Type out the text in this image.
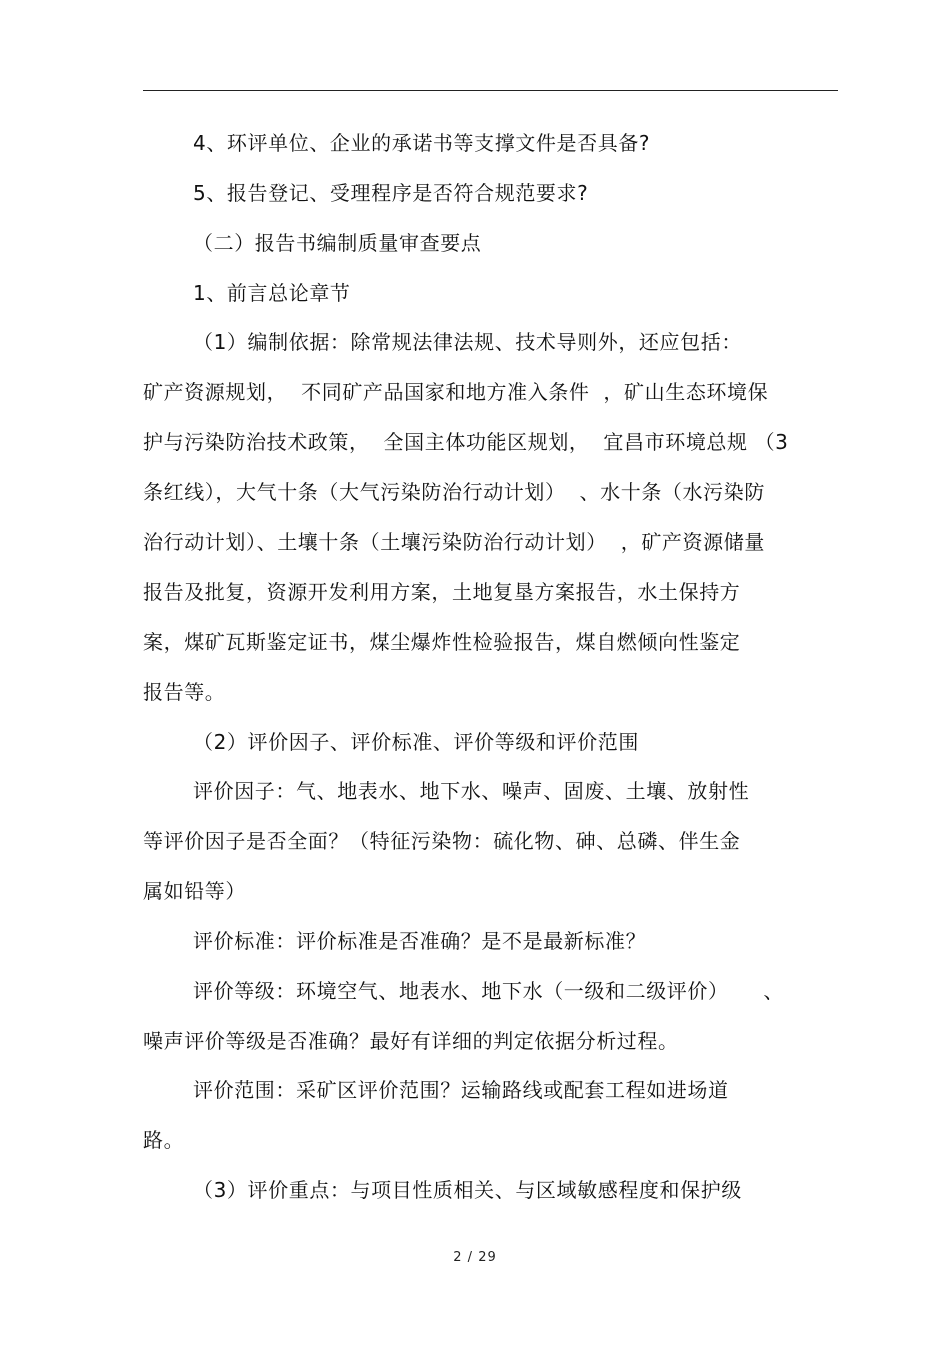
4、环评单位、企业的承诺书等支撑文件是否具备?
5、报告登记、受理程序是否符合规范要求?
（二）报告书编制质量审查要点
1、前言总论章节
（1）编制依据：除常规法律法规、技术导则外，还应包括：
矿产资源规划，  不同矿产品国家和地方准入条件  ，矿山生态环境保
护与污染防治技术政策，  全国主体功能区规划，  宜昌市环境总规 （3
条红线），大气十条（大气污染防治行动计划）  、水十条（水污染防
治行动计划）、土壤十条（土壤污染防治行动计划）  ，矿产资源储量
报告及批复，资源开发利用方案，土地复垦方案报告，水土保持方
案，煤矿瓦斯鉴定证书，煤尘爆炸性检验报告，煤自燃倾向性鉴定
报告等。
（2）评价因子、评价标准、评价等级和评价范围
评价因子：气、地表水、地下水、噪声、固废、土壤、放射性
等评价因子是否全面？（特征污染物：硫化物、砷、总磷、伴生金
属如铅等）
评价标准：评价标准是否准确？是不是最新标准？
评价等级：环境空气、地表水、地下水（一级和二级评价）     、
噪声评价等级是否准确？最好有详细的判定依据分析过程。
评价范围：采矿区评价范围？运输路线或配套工程如进场道
路。
（3）评价重点：与项目性质相关、与区域敏感程度和保护级
2 / 29
